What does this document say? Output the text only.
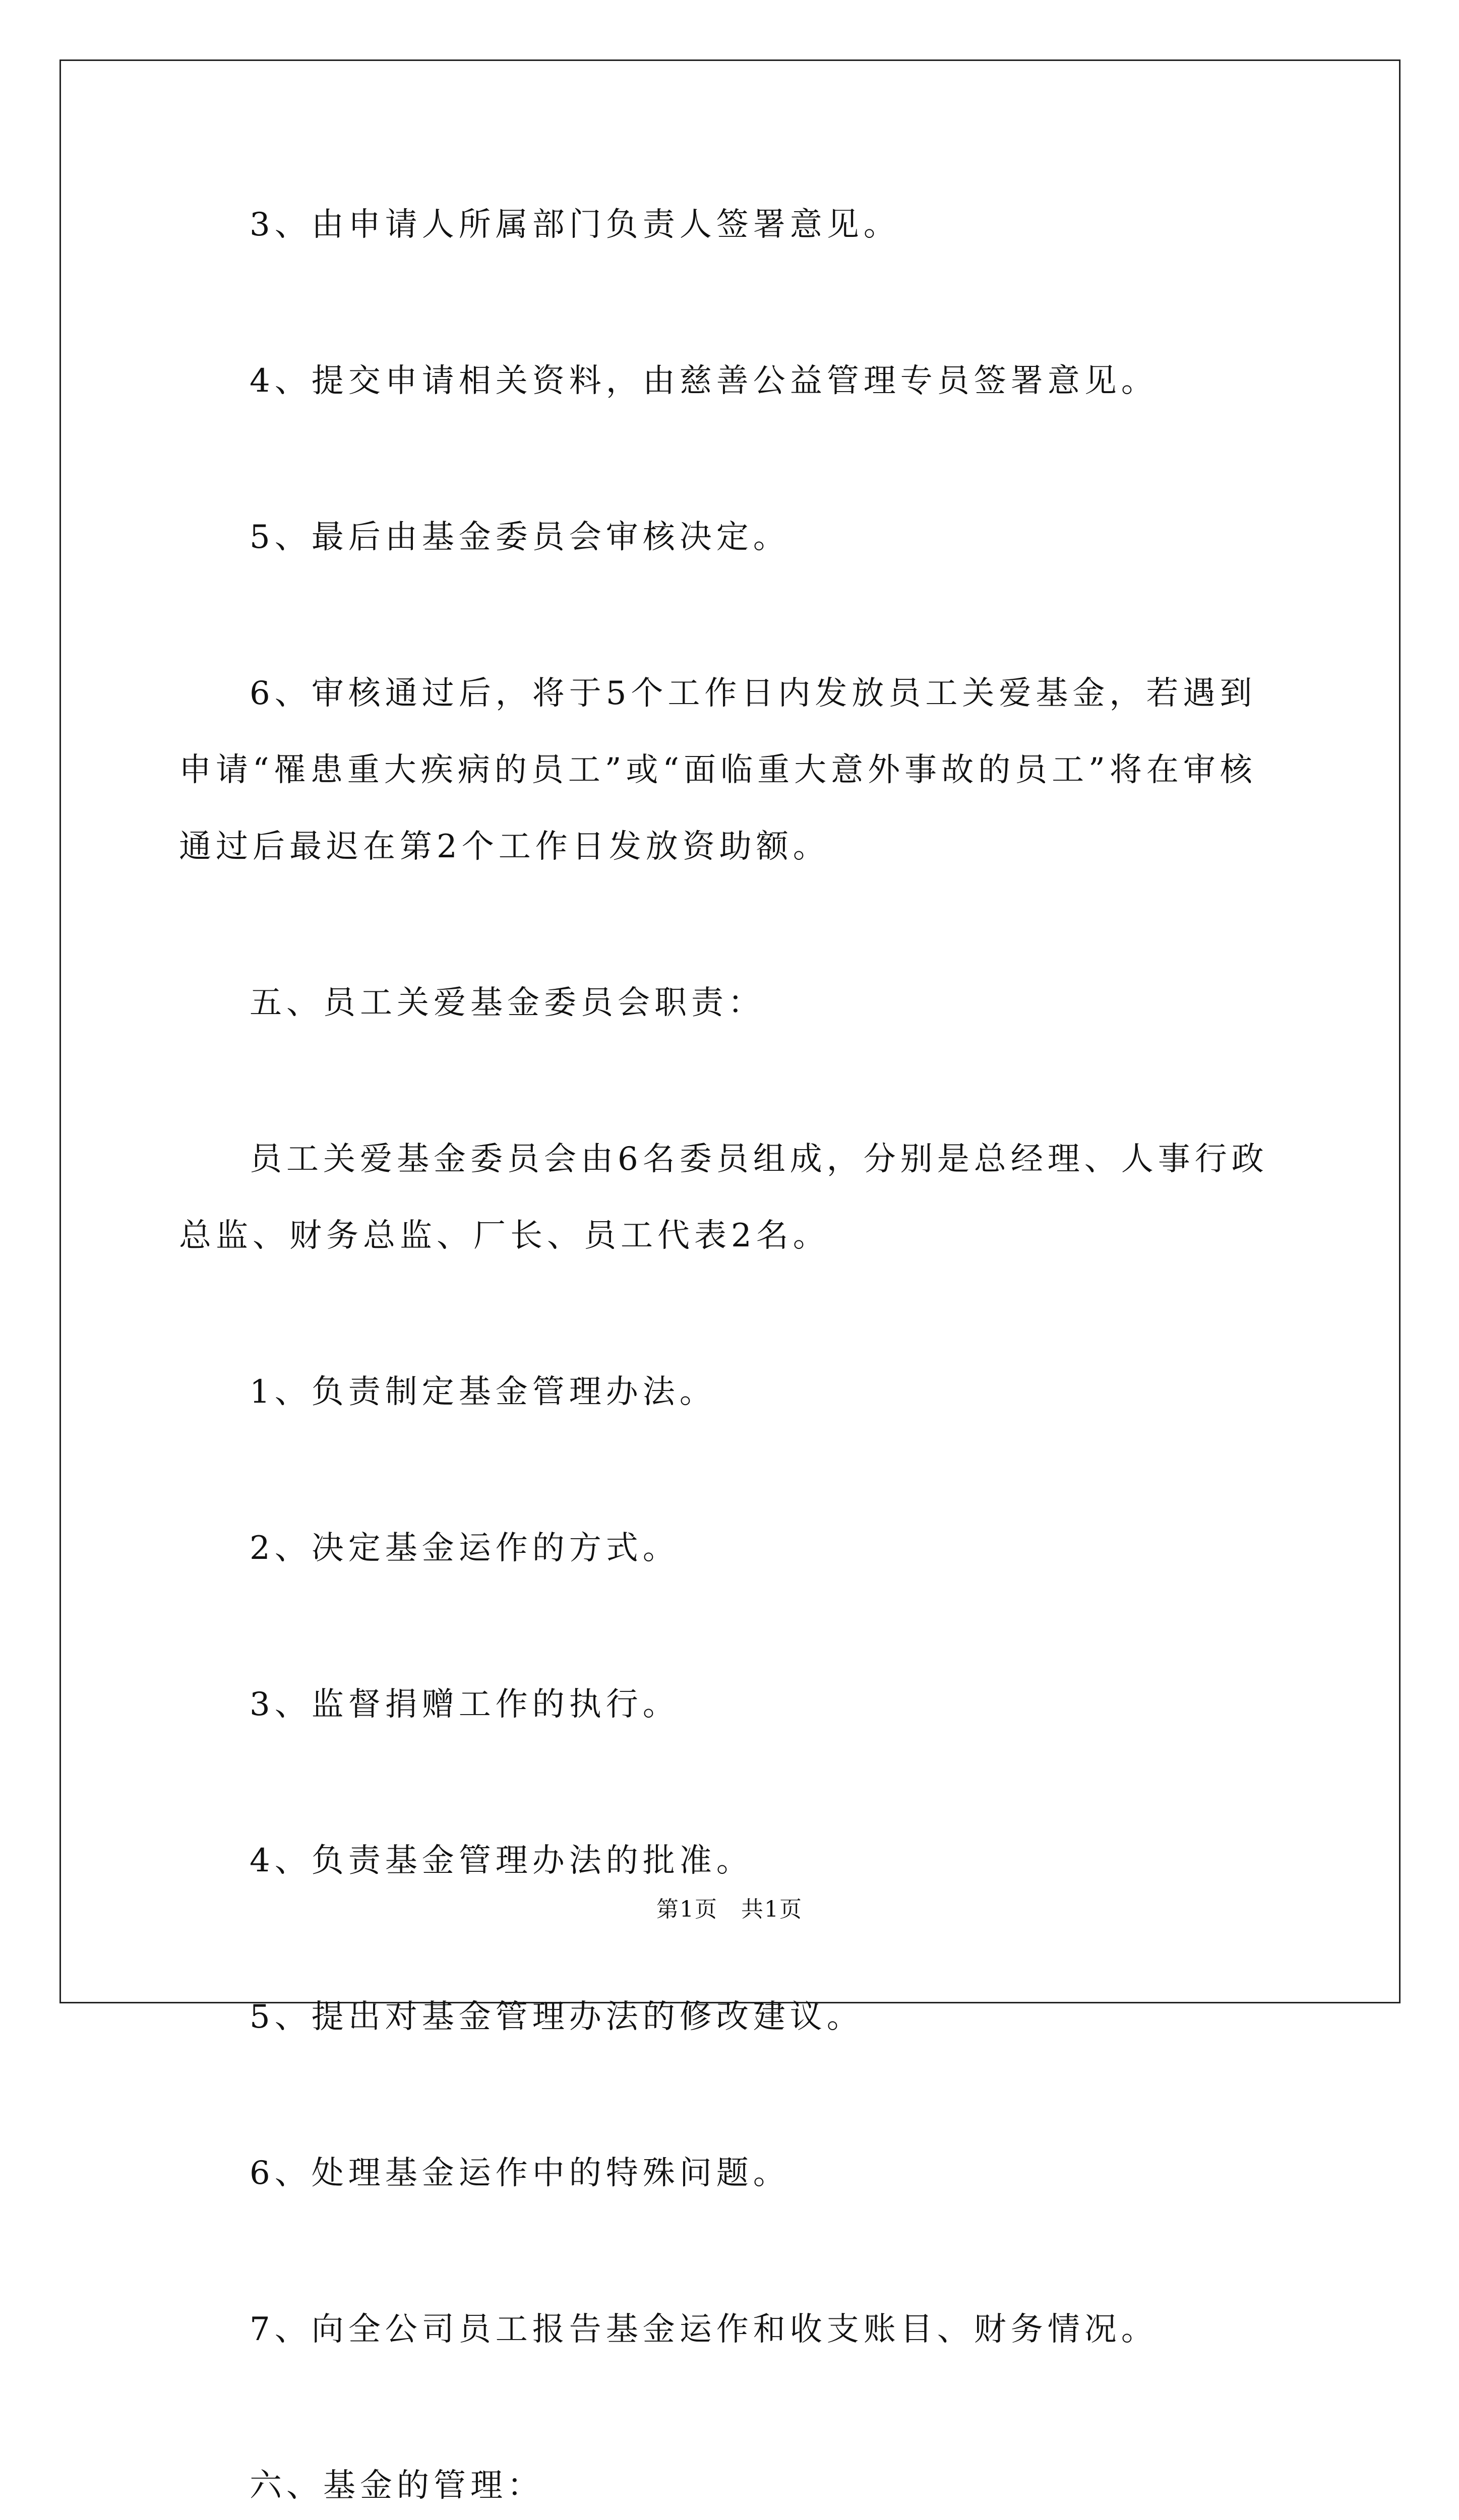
3、由申请人所属部门负责人签署意见。

4、提交申请相关资料，由慈善公益管理专员签署意见。

5、最后由基金委员会审核决定。

6、审核通过后，将于5个工作日内发放员工关爱基金，若遇到申请“罹患重大疾病的员工”或“面临重大意外事故的员工”将在审核通过后最迟在第2个工作日发放资助额。

五、员工关爱基金委员会职责：

员工关爱基金委员会由6名委员组成，分别是总经理、人事行政总监、财务总监、厂长、员工代表2名。

1、负责制定基金管理办法。

2、决定基金运作的方式。

3、监督捐赠工作的执行。

4、负责基金管理办法的批准。

5、提出对基金管理办法的修改建议。

6、处理基金运作中的特殊问题。

7、向全公司员工报告基金运作和收支账目、财务情况。

六、基金的管理：

第1页　共1页
